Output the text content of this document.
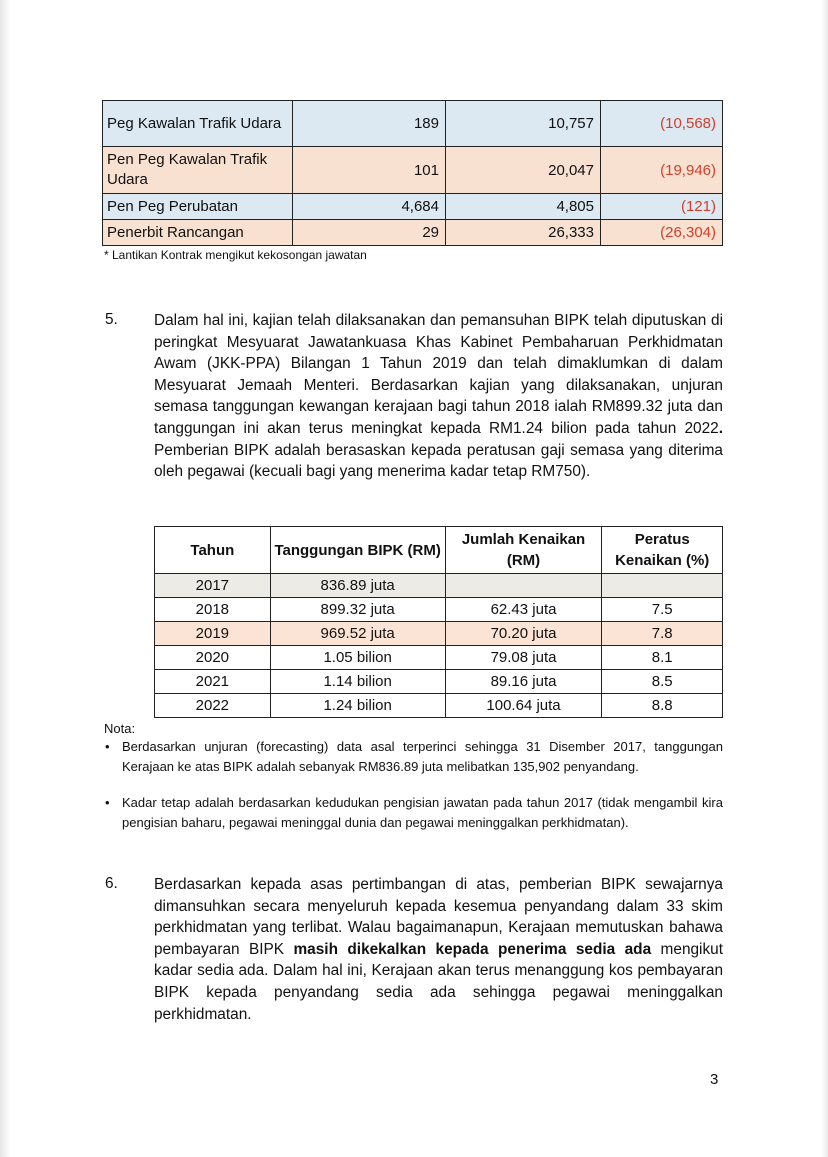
Peg Kawalan Trafik Udara	189	10,757	(10,568)
Pen Peg Kawalan Trafik Udara	101	20,047	(19,946)
Pen Peg Perubatan	4,684	4,805	(121)
Penerbit Rancangan	29	26,333	(26,304)
* Lantikan Kontrak mengikut kekosongan jawatan
5. Dalam hal ini, kajian telah dilaksanakan dan pemansuhan BIPK telah diputuskan di peringkat Mesyuarat Jawatankuasa Khas Kabinet Pembaharuan Perkhidmatan Awam (JKK-PPA) Bilangan 1 Tahun 2019 dan telah dimaklumkan di dalam Mesyuarat Jemaah Menteri. Berdasarkan kajian yang dilaksanakan, unjuran semasa tanggungan kewangan kerajaan bagi tahun 2018 ialah RM899.32 juta dan tanggungan ini akan terus meningkat kepada RM1.24 bilion pada tahun 2022. Pemberian BIPK adalah berasaskan kepada peratusan gaji semasa yang diterima oleh pegawai (kecuali bagi yang menerima kadar tetap RM750).
Tahun	Tanggungan BIPK (RM)	Jumlah Kenaikan (RM)	Peratus Kenaikan (%)
2017	836.89 juta		
2018	899.32 juta	62.43 juta	7.5
2019	969.52 juta	70.20 juta	7.8
2020	1.05 bilion	79.08 juta	8.1
2021	1.14 bilion	89.16 juta	8.5
2022	1.24 bilion	100.64 juta	8.8
Nota:
• Berdasarkan unjuran (forecasting) data asal terperinci sehingga 31 Disember 2017, tanggungan Kerajaan ke atas BIPK adalah sebanyak RM836.89 juta melibatkan 135,902 penyandang.
• Kadar tetap adalah berdasarkan kedudukan pengisian jawatan pada tahun 2017 (tidak mengambil kira pengisian baharu, pegawai meninggal dunia dan pegawai meninggalkan perkhidmatan).
6. Berdasarkan kepada asas pertimbangan di atas, pemberian BIPK sewajarnya dimansuhkan secara menyeluruh kepada kesemua penyandang dalam 33 skim perkhidmatan yang terlibat. Walau bagaimanapun, Kerajaan memutuskan bahawa pembayaran BIPK masih dikekalkan kepada penerima sedia ada mengikut kadar sedia ada. Dalam hal ini, Kerajaan akan terus menanggung kos pembayaran BIPK kepada penyandang sedia ada sehingga pegawai meninggalkan perkhidmatan.
3
